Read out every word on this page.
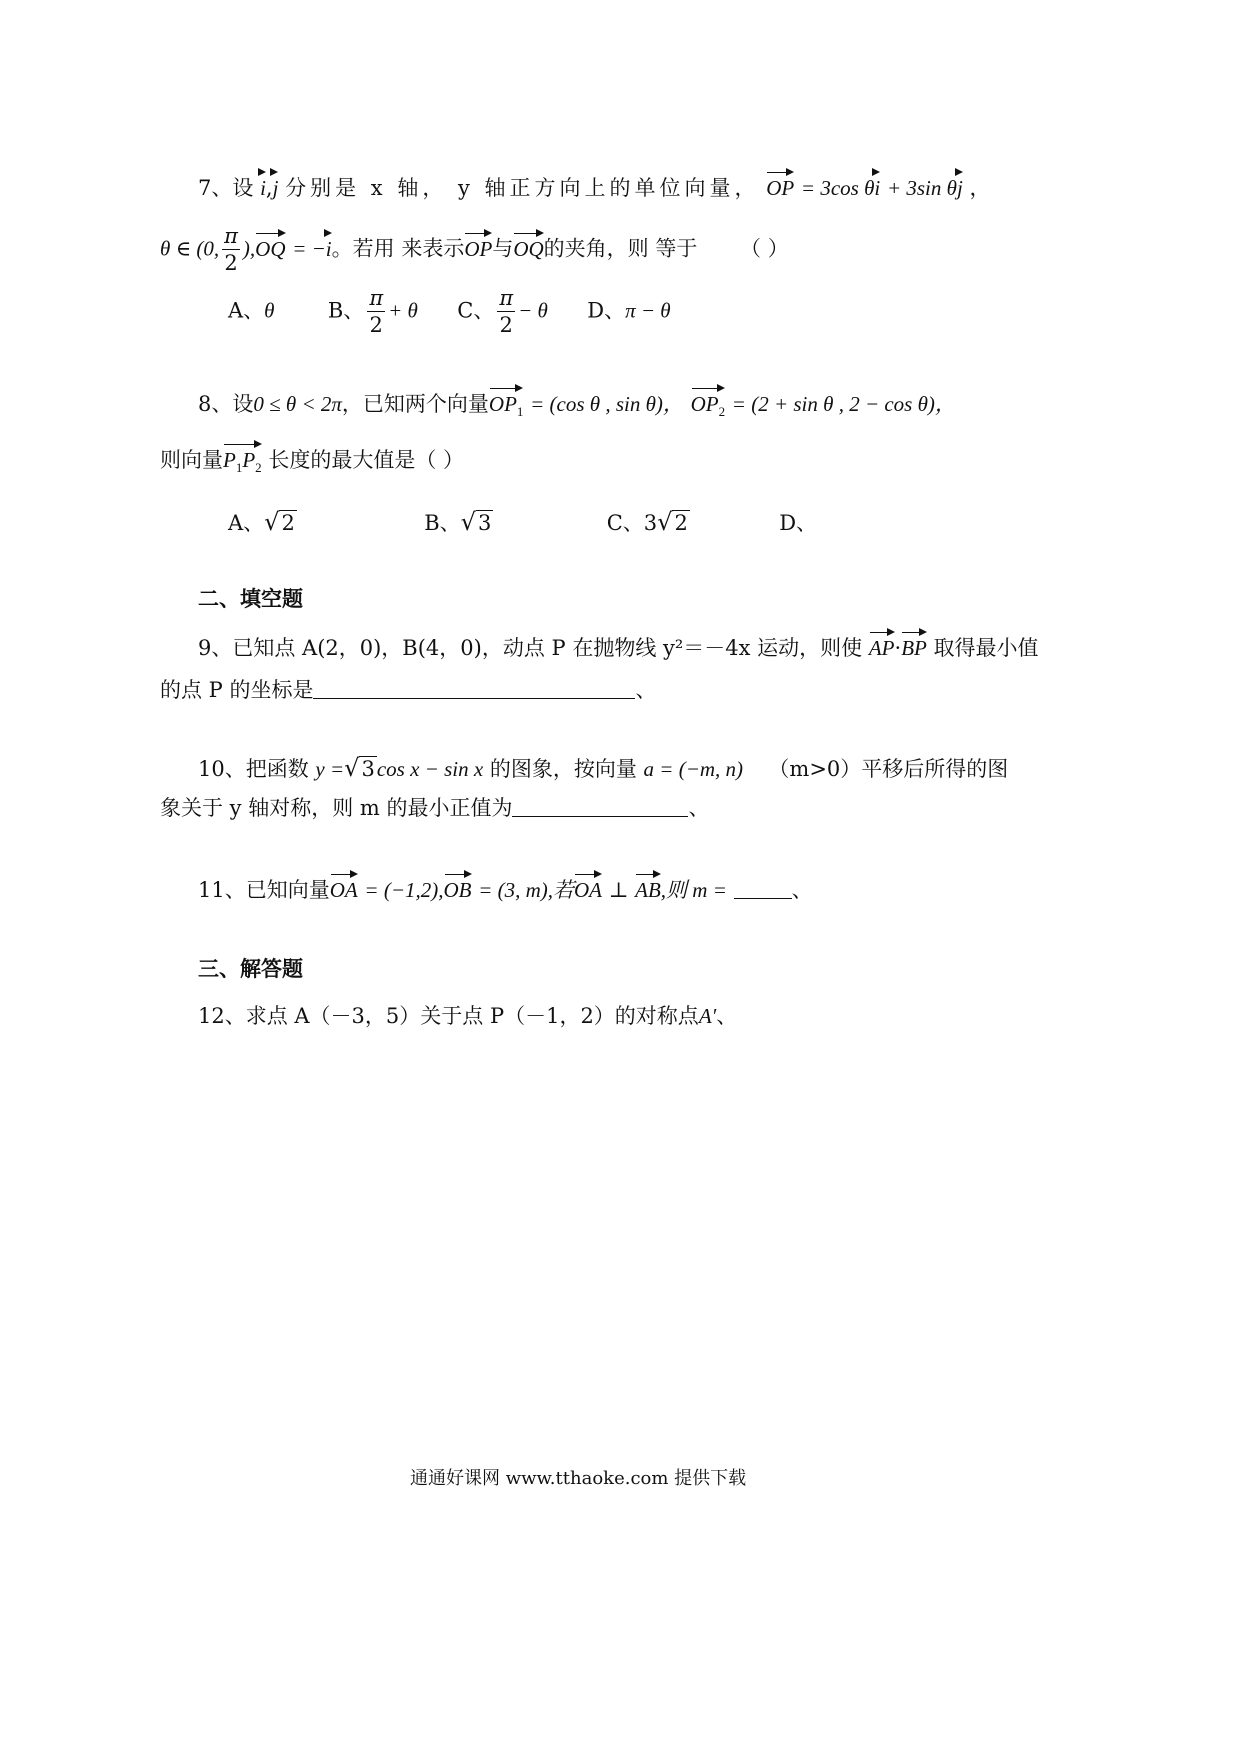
7、设 i,j 分别是 x 轴， y 轴正方向上的单位向量， OP = 3cos θi + 3sin θj ，
θ ∈ (0, $\frac{\pi}{2} ),OQ = -i$。若用 来表示OP与OQ的夹角，则 等于 （ ）
A、θ	B、 $\frac{\pi}{2} + \theta$ C、 $\frac{\pi}{2} - \theta$ D、π − θ
8、设0 ≤ θ < 2π，已知两个向量$OP_1 = (\cos$ θ , sin θ)， $OP_2 = (2 + \sin \theta$ , 2 − cos θ)，
则向量$P_1P_2$ 长度的最大值是（ ）
A、√2	B、√3	C、3√2	D、
二、填空题
9、已知点 A(2，0)，B(4，0)，动点 P 在抛物线 y²＝－4x 运动，则使 AP·BP 取得最小值
的点 P 的坐标是	、
10、把函数 y =√3cos x − sin x 的图象，按向量 a = (−m, n) （m>0）平移后所得的图
象关于 y 轴对称，则 m 的最小正值为	、
11、已知向量OA = (−1,2),OB = (3, m),若OA ⊥ AB,则 m =	、
三、解答题
12、求点 A（－3，5）关于点 P（－1，2）的对称点A′、
通通好课网 www.tthaoke.com 提供下载
